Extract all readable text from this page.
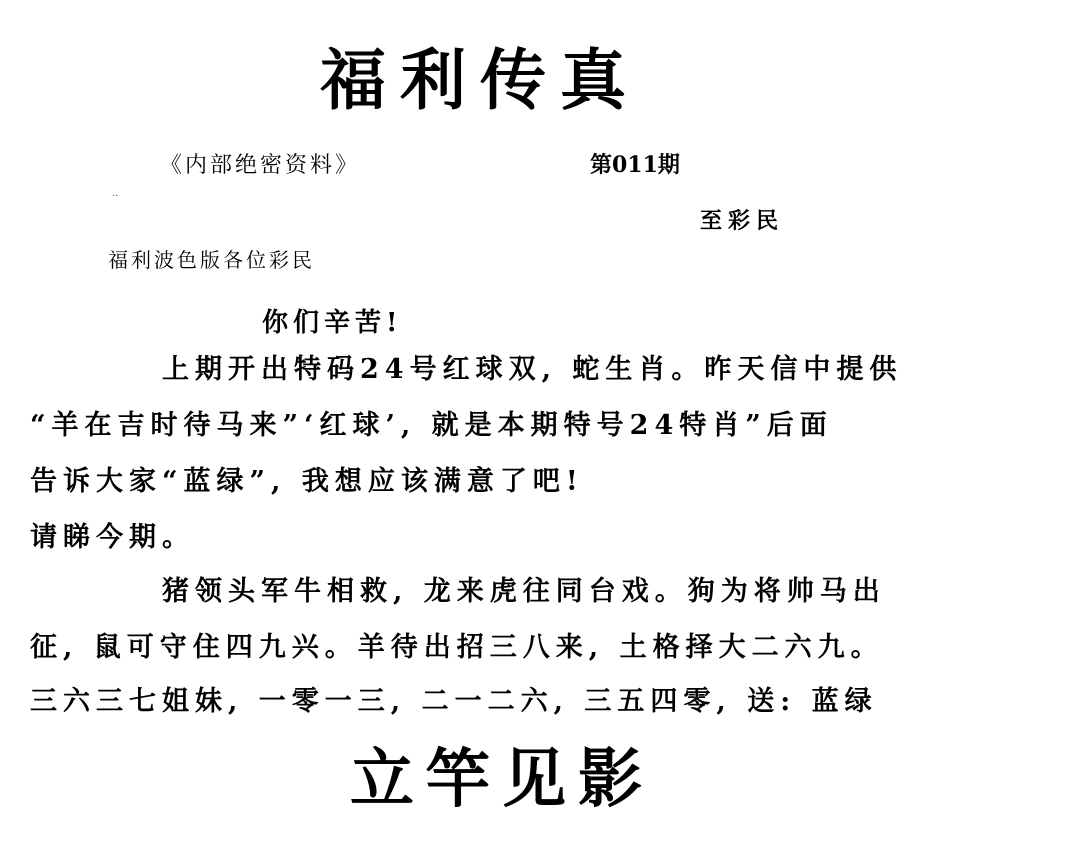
福利传真
《内部绝密资料》	第011期
..
至彩民
福利波色版各位彩民
你们辛苦!
上期开出特码24号红球双, 蛇生肖。昨天信中提供
“羊在吉时待马来”‘红球’, 就是本期特号24特肖”后面
告诉大家“蓝绿”, 我想应该满意了吧!
请睇今期。
猪领头军牛相救, 龙来虎往同台戏。狗为将帅马出
征, 鼠可守住四九兴。羊待出招三八来, 土格择大二六九。
三六三七姐妹, 一零一三, 二一二六, 三五四零, 送: 蓝绿
立竿见影
